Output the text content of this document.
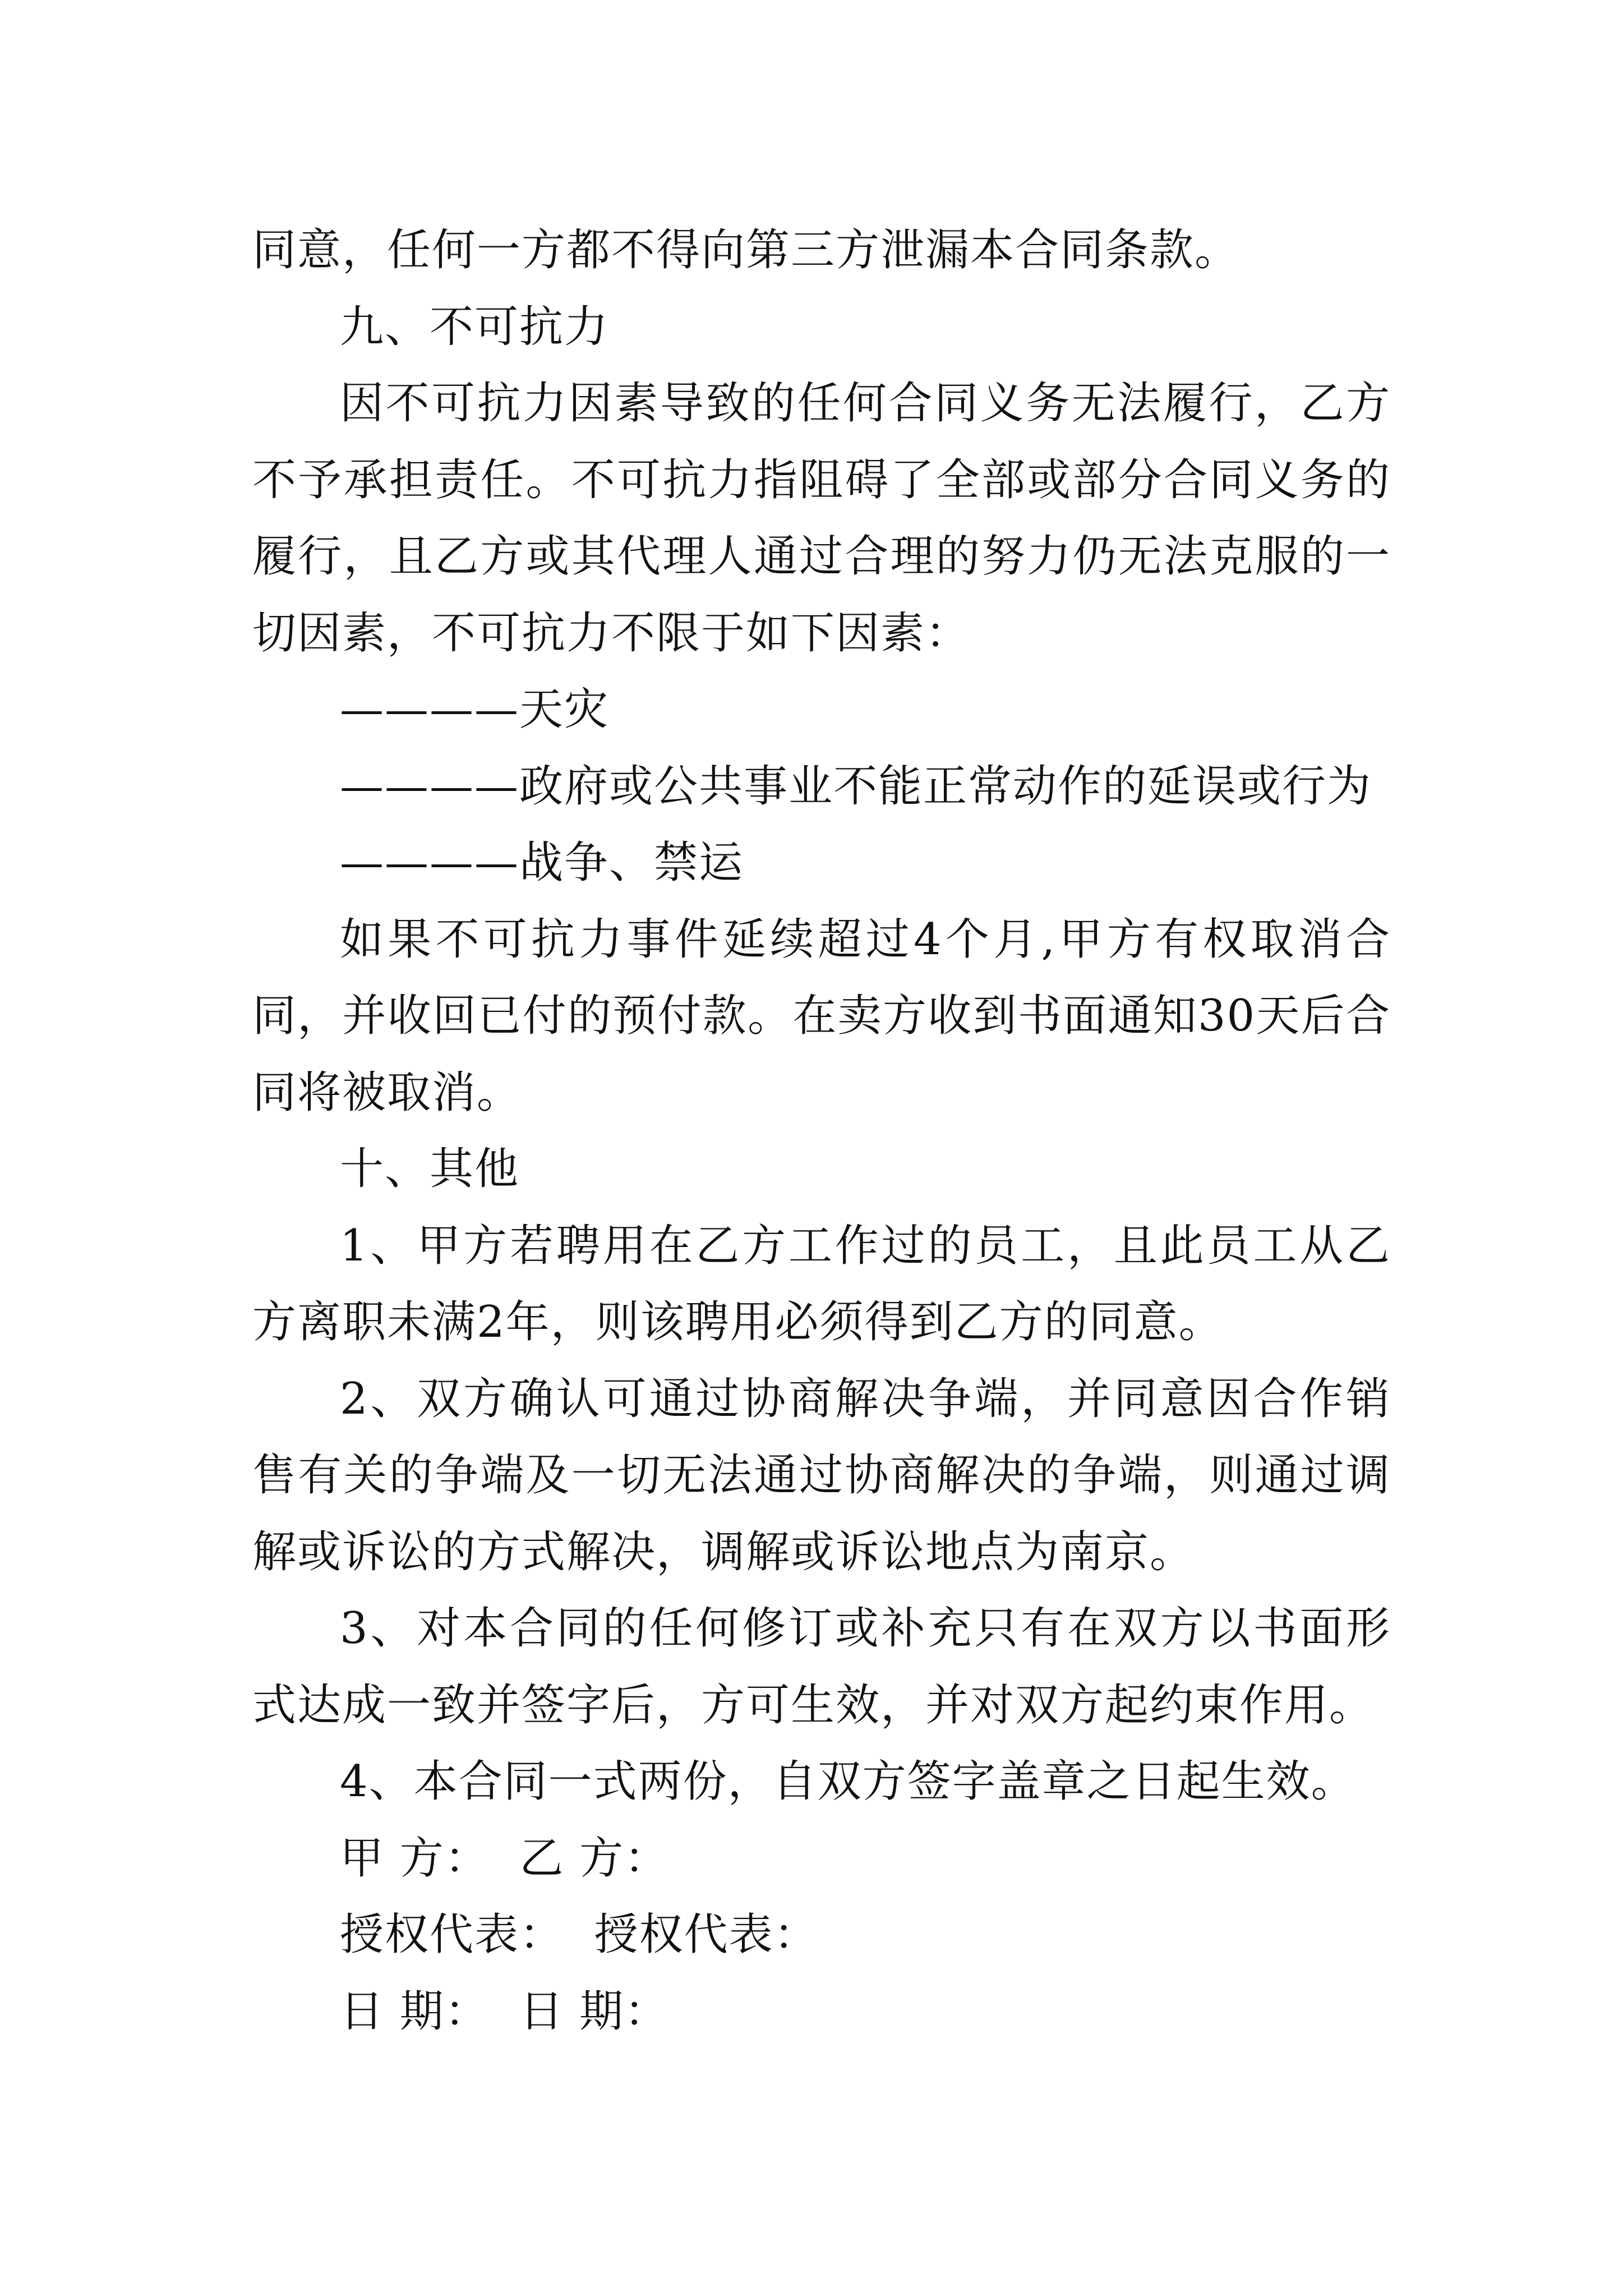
同意，任何一方都不得向第三方泄漏本合同条款。

九、不可抗力

因不可抗力因素导致的任何合同义务无法履行，乙方不予承担责任。不可抗力指阻碍了全部或部分合同义务的履行，且乙方或其代理人通过合理的努力仍无法克服的一切因素，不可抗力不限于如下因素：

————天灾

————政府或公共事业不能正常动作的延误或行为

————战争、禁运

如果不可抗力事件延续超过4个月,甲方有权取消合同，并收回已付的预付款。在卖方收到书面通知30天后合同将被取消。

十、其他

1、甲方若聘用在乙方工作过的员工，且此员工从乙方离职未满2年，则该聘用必须得到乙方的同意。

2、双方确认可通过协商解决争端，并同意因合作销售有关的争端及一切无法通过协商解决的争端，则通过调解或诉讼的方式解决，调解或诉讼地点为南京。

3、对本合同的任何修订或补充只有在双方以书面形式达成一致并签字后，方可生效，并对双方起约束作用。

4、本合同一式两份，自双方签字盖章之日起生效。

甲 方：  乙 方：

授权代表：  授权代表：

日 期：  日 期：
